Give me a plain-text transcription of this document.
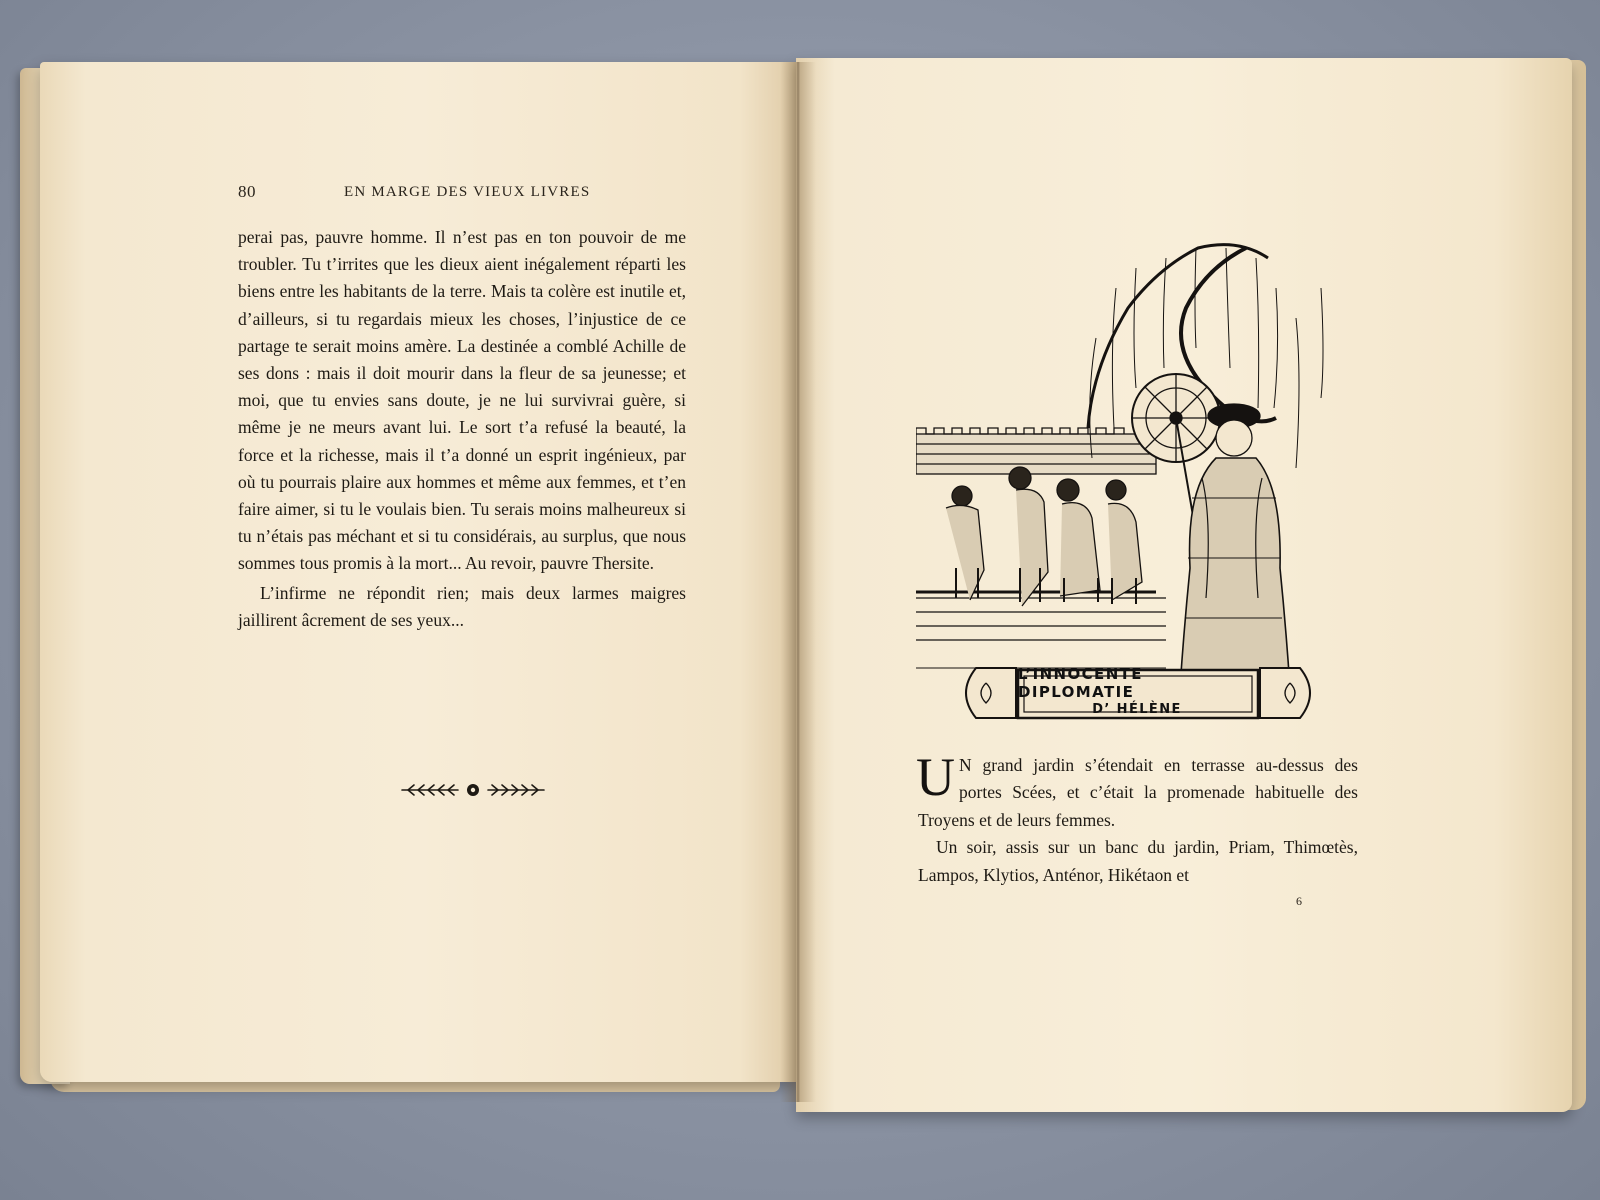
80	EN MARGE DES VIEUX LIVRES

perai pas, pauvre homme. Il n’est pas en ton pouvoir de me troubler. Tu t’irrites que les dieux aient inégalement réparti les biens entre les habitants de la terre. Mais ta colère est inutile et, d’ailleurs, si tu regardais mieux les choses, l’injustice de ce partage te serait moins amère. La destinée a comblé Achille de ses dons : mais il doit mourir dans la fleur de sa jeunesse; et moi, que tu envies sans doute, je ne lui survivrai guère, si même je ne meurs avant lui. Le sort t’a refusé la beauté, la force et la richesse, mais il t’a donné un esprit ingénieux, par où tu pourrais plaire aux hommes et même aux femmes, et t’en faire aimer, si tu le voulais bien. Tu serais moins malheureux si tu n’étais pas méchant et si tu considérais, au surplus, que nous sommes tous promis à la mort... Au revoir, pauvre Thersite.

L’infirme ne répondit rien; mais deux larmes maigres jaillirent âcrement de ses yeux...

L’INNOCENTE DIPLOMATIE
D’ HÉLÈNE

U N grand jardin s’étendait en terrasse au-dessus des portes Scées, et c’était la promenade habituelle des Troyens et de leurs femmes.

Un soir, assis sur un banc du jardin, Priam, Thimœtès, Lampos, Klytios, Anténor, Hikétaon et

6
